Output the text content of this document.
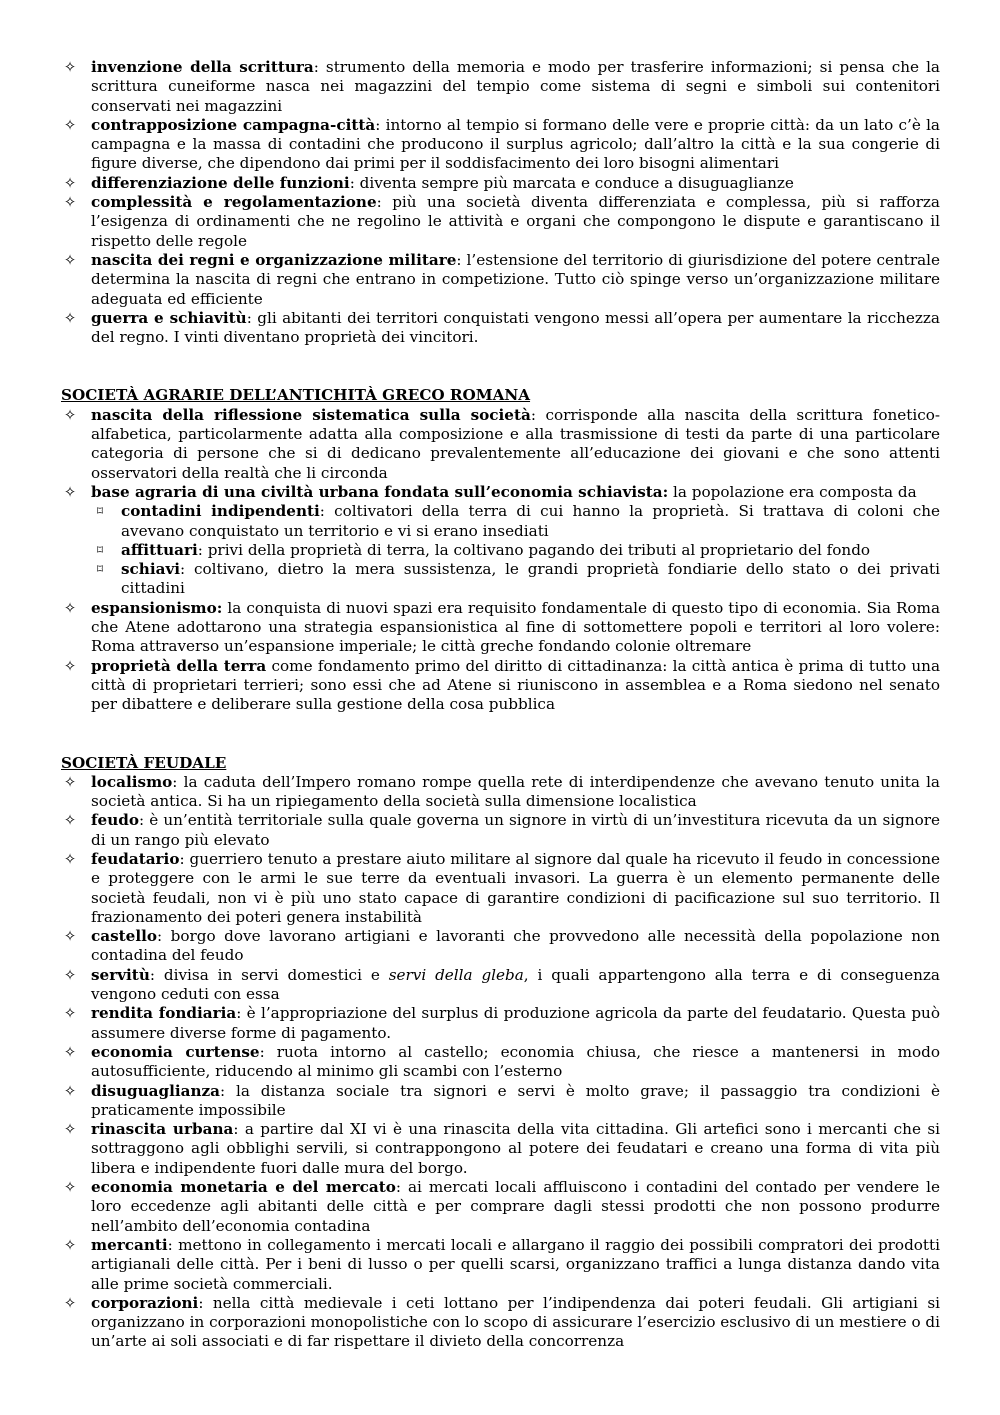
✧ invenzione della scrittura: strumento della memoria e modo per trasferire informazioni; si pensa che la scrittura cuneiforme nasca nei magazzini del tempio come sistema di segni e simboli sui contenitori conservati nei magazzini
✧ contrapposizione campagna-città: intorno al tempio si formano delle vere e proprie città: da un lato c’è la campagna e la massa di contadini che producono il surplus agricolo; dall’altro la città e la sua congerie di figure diverse, che dipendono dai primi per il soddisfacimento dei loro bisogni alimentari
✧ differenziazione delle funzioni: diventa sempre più marcata e conduce a disuguaglianze
✧ complessità e regolamentazione: più una società diventa differenziata e complessa, più si rafforza l’esigenza di ordinamenti che ne regolino le attività e organi che compongono le dispute e garantiscano il rispetto delle regole
✧ nascita dei regni e organizzazione militare: l’estensione del territorio di giurisdizione del potere centrale determina la nascita di regni che entrano in competizione. Tutto ciò spinge verso un’organizzazione militare adeguata ed efficiente
✧ guerra e schiavitù: gli abitanti dei territori conquistati vengono messi all’opera per aumentare la ricchezza del regno. I vinti diventano proprietà dei vincitori.
SOCIETÀ AGRARIE DELL’ANTICHITÀ GRECO ROMANA
✧ nascita della riflessione sistematica sulla società: corrisponde alla nascita della scrittura fonetico-alfabetica, particolarmente adatta alla composizione e alla trasmissione di testi da parte di una particolare categoria di persone che si di dedicano prevalentemente all’educazione dei giovani e che sono attenti osservatori della realtà che li circonda
✧ base agraria di una civiltà urbana fondata sull’economia schiavista: la popolazione era composta da
⌑	contadini indipendenti: coltivatori della terra di cui hanno la proprietà. Si trattava di coloni che avevano conquistato un territorio e vi si erano insediati
⌑	affittuari: privi della proprietà di terra, la coltivano pagando dei tributi al proprietario del fondo
⌑	schiavi: coltivano, dietro la mera sussistenza, le grandi proprietà fondiarie dello stato o dei privati cittadini
✧ espansionismo: la conquista di nuovi spazi era requisito fondamentale di questo tipo di economia. Sia Roma che Atene adottarono una strategia espansionistica al fine di sottomettere popoli e territori al loro volere: Roma attraverso un’espansione imperiale; le città greche fondando colonie oltremare
✧ proprietà della terra come fondamento primo del diritto di cittadinanza: la città antica è prima di tutto una città di proprietari terrieri; sono essi che ad Atene si riuniscono in assemblea e a Roma siedono nel senato per dibattere e deliberare sulla gestione della cosa pubblica
SOCIETÀ FEUDALE
✧ localismo: la caduta dell’Impero romano rompe quella rete di interdipendenze che avevano tenuto unita la società antica. Si ha un ripiegamento della società sulla dimensione localistica
✧ feudo: è un’entità territoriale sulla quale governa un signore in virtù di un’investitura ricevuta da un signore di un rango più elevato
✧ feudatario: guerriero tenuto a prestare aiuto militare al signore dal quale ha ricevuto il feudo in concessione e proteggere con le armi le sue terre da eventuali invasori. La guerra è un elemento permanente delle società feudali, non vi è più uno stato capace di garantire condizioni di pacificazione sul suo territorio. Il frazionamento dei poteri genera instabilità
✧ castello: borgo dove lavorano artigiani e lavoranti che provvedono alle necessità della popolazione non contadina del feudo
✧ servitù: divisa in servi domestici e servi della gleba, i quali appartengono alla terra e di conseguenza vengono ceduti con essa
✧ rendita fondiaria: è l’appropriazione del surplus di produzione agricola da parte del feudatario. Questa può assumere diverse forme di pagamento.
✧ economia curtense: ruota intorno al castello; economia chiusa, che riesce a mantenersi in modo autosufficiente, riducendo al minimo gli scambi con l’esterno
✧ disuguaglianza: la distanza sociale tra signori e servi è molto grave; il passaggio tra condizioni è praticamente impossibile
✧ rinascita urbana: a partire dal XI vi è una rinascita della vita cittadina. Gli artefici sono i mercanti che si sottraggono agli obblighi servili, si contrappongono al potere dei feudatari e creano una forma di vita più libera e indipendente fuori dalle mura del borgo.
✧ economia monetaria e del mercato: ai mercati locali affluiscono i contadini del contado per vendere le loro eccedenze agli abitanti delle città e per comprare dagli stessi prodotti che non possono produrre nell’ambito dell’economia contadina
✧ mercanti: mettono in collegamento i mercati locali e allargano il raggio dei possibili compratori dei prodotti artigianali delle città. Per i beni di lusso o per quelli scarsi, organizzano traffici a lunga distanza dando vita alle prime società commerciali.
✧ corporazioni: nella città medievale i ceti lottano per l’indipendenza dai poteri feudali. Gli artigiani si organizzano in corporazioni monopolistiche con lo scopo di assicurare l’esercizio esclusivo di un mestiere o di un’arte ai soli associati e di far rispettare il divieto della concorrenza
